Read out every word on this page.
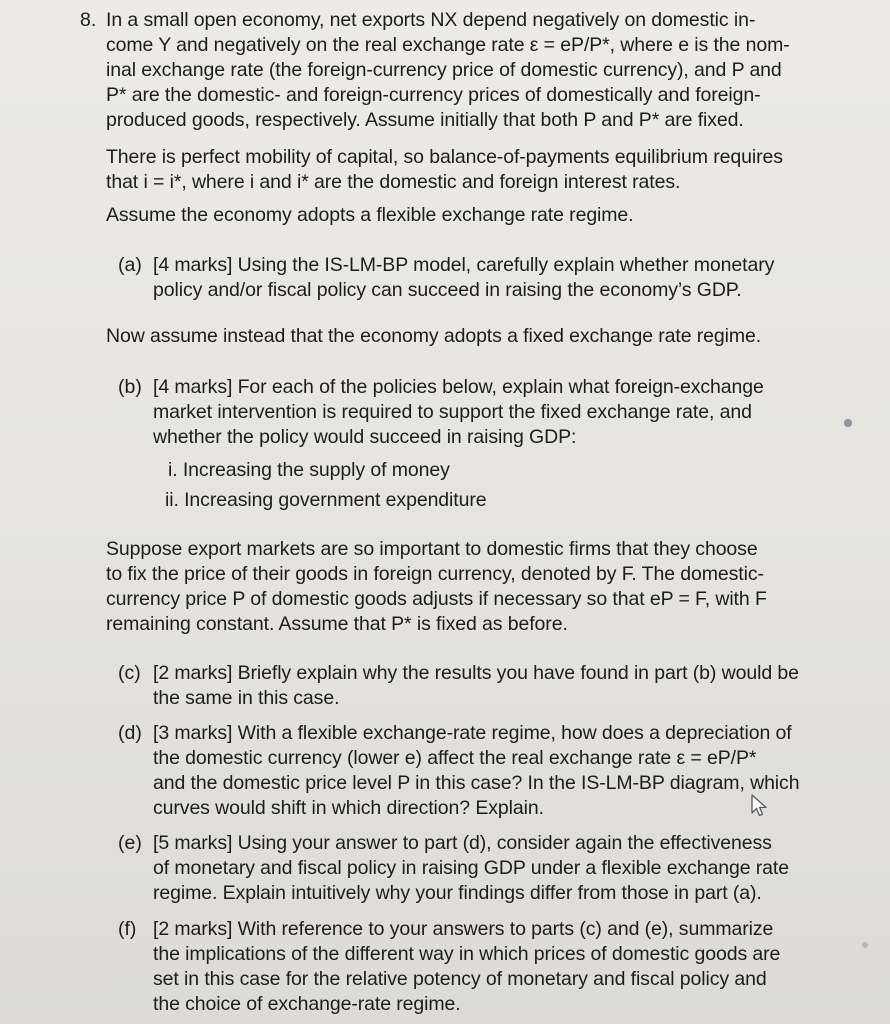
8. In a small open economy, net exports NX depend negatively on domestic in-
come Y and negatively on the real exchange rate ε = eP/P*, where e is the nom-
inal exchange rate (the foreign-currency price of domestic currency), and P and
P* are the domestic- and foreign-currency prices of domestically and foreign-
produced goods, respectively. Assume initially that both P and P* are fixed.
There is perfect mobility of capital, so balance-of-payments equilibrium requires
that i = i*, where i and i* are the domestic and foreign interest rates.
Assume the economy adopts a flexible exchange rate regime.
(a) [4 marks] Using the IS-LM-BP model, carefully explain whether monetary
policy and/or fiscal policy can succeed in raising the economy’s GDP.
Now assume instead that the economy adopts a fixed exchange rate regime.
(b) [4 marks] For each of the policies below, explain what foreign-exchange
market intervention is required to support the fixed exchange rate, and
whether the policy would succeed in raising GDP:
i. Increasing the supply of money
ii. Increasing government expenditure
Suppose export markets are so important to domestic firms that they choose
to fix the price of their goods in foreign currency, denoted by F. The domestic-
currency price P of domestic goods adjusts if necessary so that eP = F, with F
remaining constant. Assume that P* is fixed as before.
(c) [2 marks] Briefly explain why the results you have found in part (b) would be
the same in this case.
(d) [3 marks] With a flexible exchange-rate regime, how does a depreciation of
the domestic currency (lower e) affect the real exchange rate ε = eP/P*
and the domestic price level P in this case? In the IS-LM-BP diagram, which
curves would shift in which direction? Explain.
(e) [5 marks] Using your answer to part (d), consider again the effectiveness
of monetary and fiscal policy in raising GDP under a flexible exchange rate
regime. Explain intuitively why your findings differ from those in part (a).
(f) [2 marks] With reference to your answers to parts (c) and (e), summarize
the implications of the different way in which prices of domestic goods are
set in this case for the relative potency of monetary and fiscal policy and
the choice of exchange-rate regime.
